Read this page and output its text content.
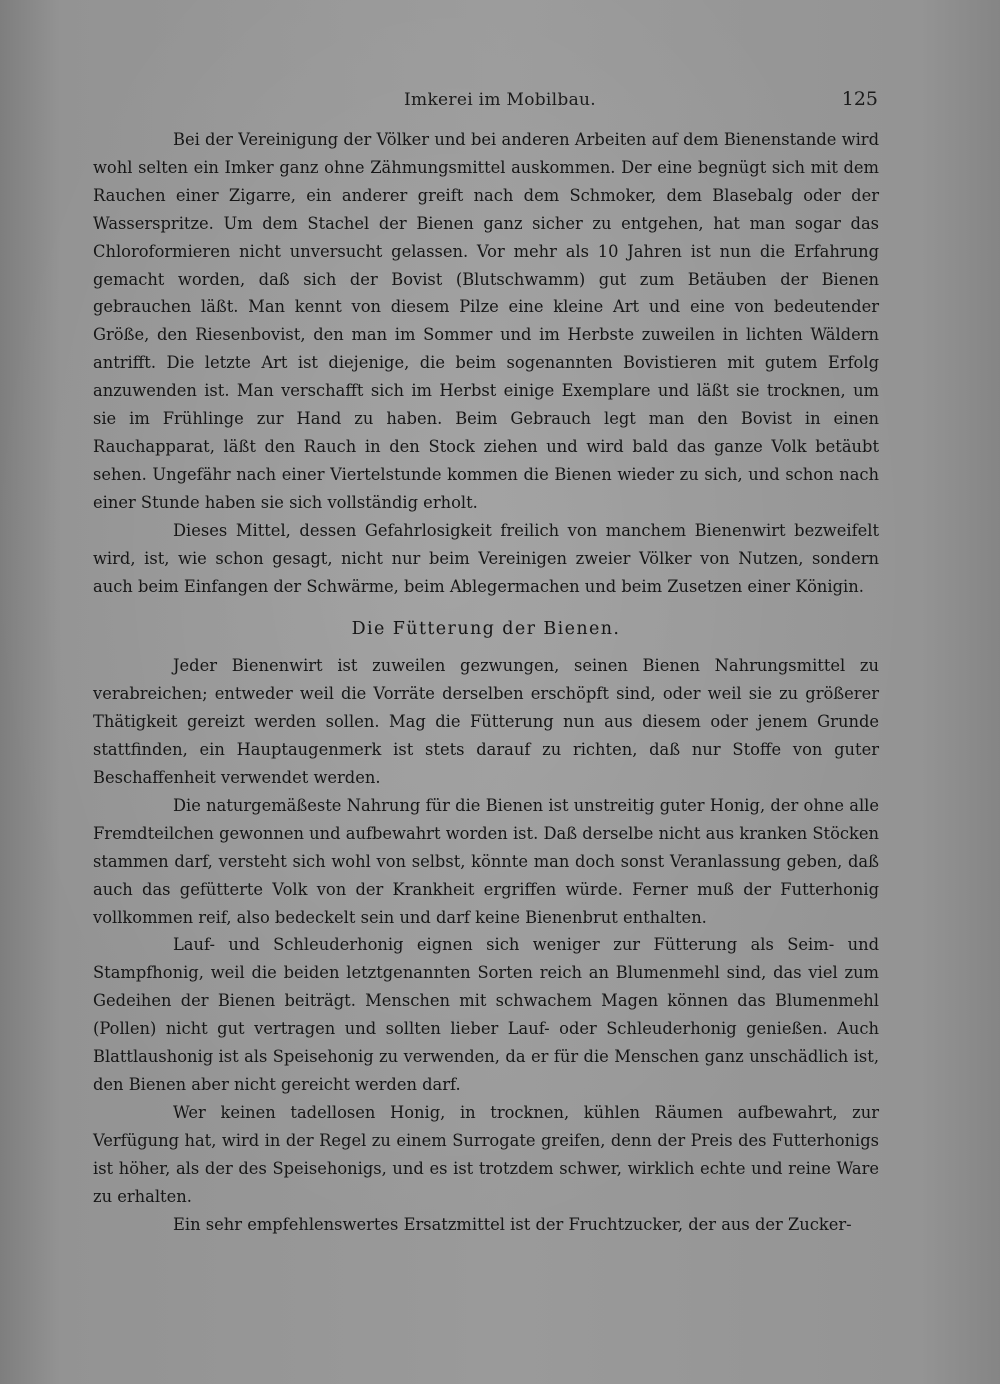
Imkerei im Mobilbau.	125

Bei der Vereinigung der Völker und bei anderen Arbeiten auf dem Bienenstande wird wohl selten ein Imker ganz ohne Zähmungsmittel auskommen. Der eine begnügt sich mit dem Rauchen einer Zigarre, ein anderer greift nach dem Schmoker, dem Blasebalg oder der Wasserspritze. Um dem Stachel der Bienen ganz sicher zu entgehen, hat man sogar das Chloroformieren nicht unversucht gelassen. Vor mehr als 10 Jahren ist nun die Erfahrung gemacht worden, daß sich der Bovist (Blutschwamm) gut zum Betäuben der Bienen gebrauchen läßt. Man kennt von diesem Pilze eine kleine Art und eine von bedeutender Größe, den Riesenbovist, den man im Sommer und im Herbste zuweilen in lichten Wäldern antrifft. Die letzte Art ist diejenige, die beim sogenannten Bovistieren mit gutem Erfolg anzuwenden ist. Man verschafft sich im Herbst einige Exemplare und läßt sie trocknen, um sie im Frühlinge zur Hand zu haben. Beim Gebrauch legt man den Bovist in einen Rauchapparat, läßt den Rauch in den Stock ziehen und wird bald das ganze Volk betäubt sehen. Ungefähr nach einer Viertelstunde kommen die Bienen wieder zu sich, und schon nach einer Stunde haben sie sich vollständig erholt.

Dieses Mittel, dessen Gefahrlosigkeit freilich von manchem Bienenwirt bezweifelt wird, ist, wie schon gesagt, nicht nur beim Vereinigen zweier Völker von Nutzen, sondern auch beim Einfangen der Schwärme, beim Ablegermachen und beim Zusetzen einer Königin.

Die Fütterung der Bienen.

Jeder Bienenwirt ist zuweilen gezwungen, seinen Bienen Nahrungsmittel zu verabreichen; entweder weil die Vorräte derselben erschöpft sind, oder weil sie zu größerer Thätigkeit gereizt werden sollen. Mag die Fütterung nun aus diesem oder jenem Grunde stattfinden, ein Hauptaugenmerk ist stets darauf zu richten, daß nur Stoffe von guter Beschaffenheit verwendet werden.

Die naturgemäßeste Nahrung für die Bienen ist unstreitig guter Honig, der ohne alle Fremdteilchen gewonnen und aufbewahrt worden ist. Daß derselbe nicht aus kranken Stöcken stammen darf, versteht sich wohl von selbst, könnte man doch sonst Veranlassung geben, daß auch das gefütterte Volk von der Krankheit ergriffen würde. Ferner muß der Futterhonig vollkommen reif, also bedeckelt sein und darf keine Bienenbrut enthalten.

Lauf- und Schleuderhonig eignen sich weniger zur Fütterung als Seim- und Stampfhonig, weil die beiden letztgenannten Sorten reich an Blumenmehl sind, das viel zum Gedeihen der Bienen beiträgt. Menschen mit schwachem Magen können das Blumenmehl (Pollen) nicht gut vertragen und sollten lieber Lauf- oder Schleuderhonig genießen. Auch Blattlaushonig ist als Speisehonig zu verwenden, da er für die Menschen ganz unschädlich ist, den Bienen aber nicht gereicht werden darf.

Wer keinen tadellosen Honig, in trocknen, kühlen Räumen aufbewahrt, zur Verfügung hat, wird in der Regel zu einem Surrogate greifen, denn der Preis des Futterhonigs ist höher, als der des Speisehonigs, und es ist trotzdem schwer, wirklich echte und reine Ware zu erhalten.

Ein sehr empfehlenswertes Ersatzmittel ist der Fruchtzucker, der aus der Zucker-
